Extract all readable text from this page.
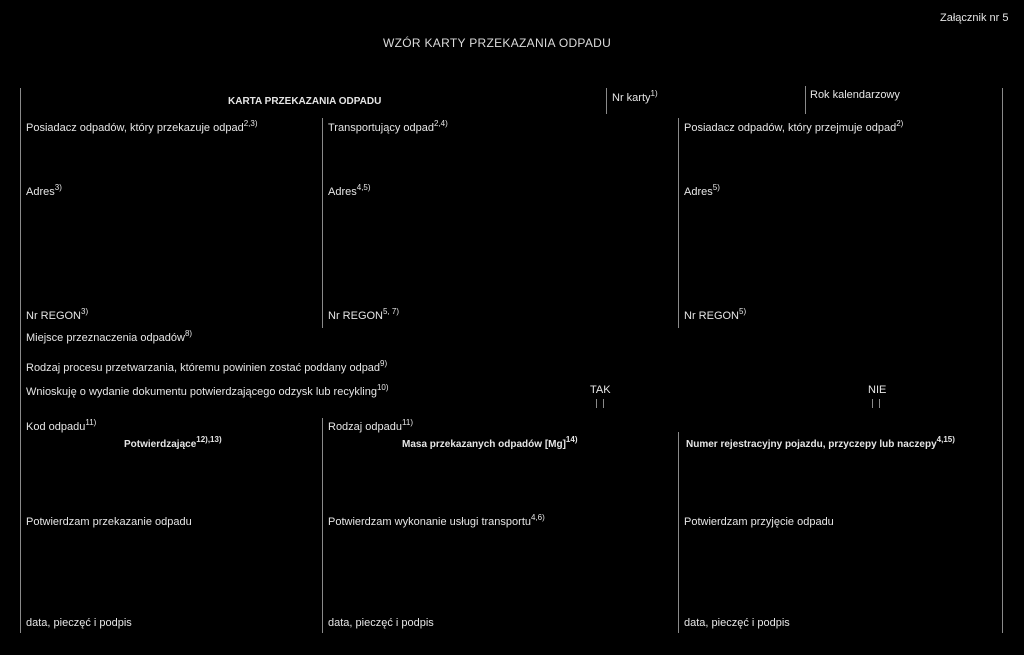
Załącznik nr 5
WZÓR KARTY PRZEKAZANIA ODPADU
KARTA PRZEKAZANIA ODPADU	Nr karty$^{1)}$	Rok kalendarzowy
Posiadacz odpadów, który przekazuje odpad$^{2,3)}$
Adres$^{3)}$
Nr REGON$^{3)}$
Transportujący odpad$^{2,4)}$
Adres$^{4,5)}$
Nr REGON$^{5, 7)}$
Posiadacz odpadów, który przejmuje odpad$^{2)}$
Adres$^{5)}$
Nr REGON$^{5)}$
Miejsce przeznaczenia odpadów$^{8)}$
Rodzaj procesu przetwarzania, któremu powinien zostać poddany odpad$^{9)}$
Wnioskuję o wydanie dokumentu potwierdzającego odzysk lub recykling$^{10)}$	TAK	NIE
Kod odpadu$^{11)}$	Rodzaj odpadu$^{11)}$
Potwierdzające$^{12),13)}$	Masa przekazanych odpadów $[Mg]^{14)}$	Numer rejestracyjny pojazdu, przyczepy lub naczepy$^{4,15)}$
Potwierdzam przekazanie odpadu	Potwierdzam wykonanie usługi transportu$^{4,6)}$	Potwierdzam przyjęcie odpadu
data, pieczęć i podpis	data, pieczęć i podpis	data, pieczęć i podpis
